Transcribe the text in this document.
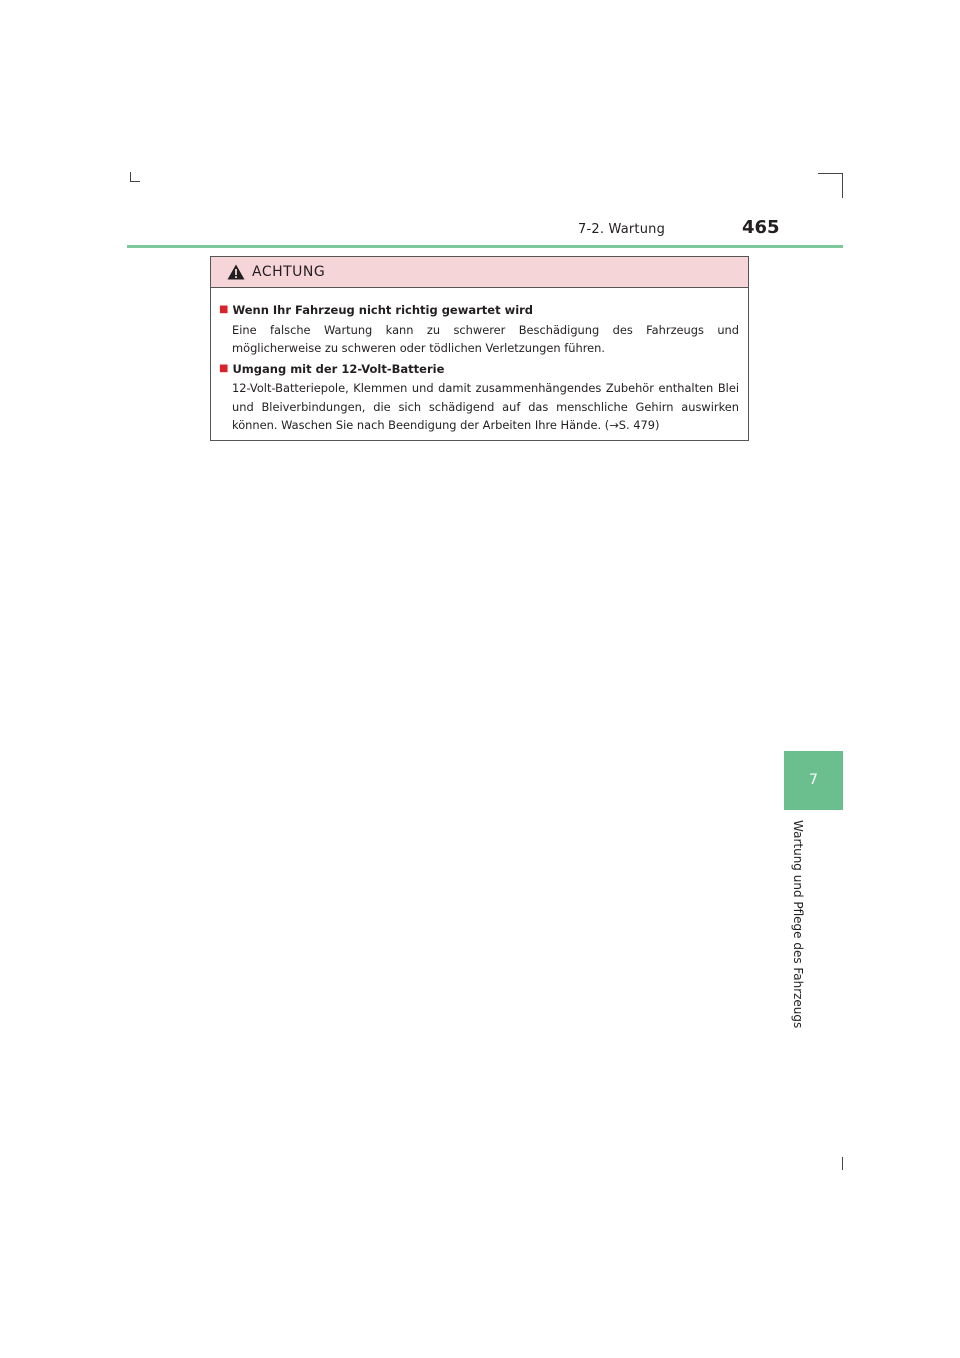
7-2. Wartung	465
7
Wartung und Pflege des Fahrzeugs
ACHTUNG
■ Wenn Ihr Fahrzeug nicht richtig gewartet wird
Eine falsche Wartung kann zu schwerer Beschädigung des Fahrzeugs und möglicherweise zu schweren oder tödlichen Verletzungen führen.
■ Umgang mit der 12-Volt-Batterie
12-Volt-Batteriepole, Klemmen und damit zusammenhängendes Zubehör enthalten Blei und Bleiverbindungen, die sich schädigend auf das menschliche Gehirn auswirken können. Waschen Sie nach Beendigung der Arbeiten Ihre Hände. (→S. 479)
